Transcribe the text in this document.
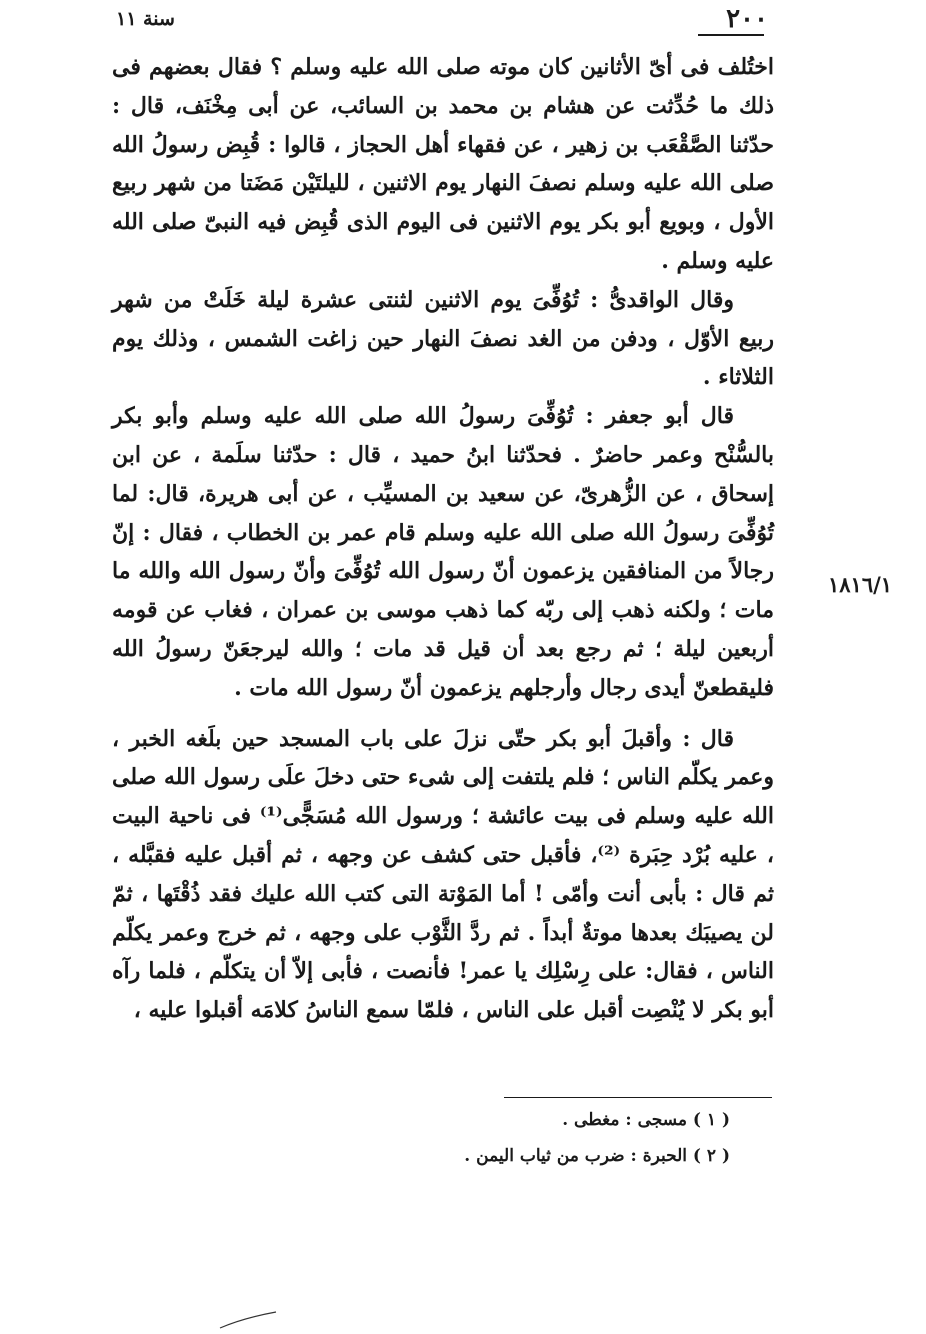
٢٠٠
سنة ١١
١٨١٦/١

اختُلف فى أىّ الأثانين كان موته صلى الله عليه وسلم ؟ فقال بعضهم فى ذلك ما حُدِّثت عن هشام بن محمد بن السائب، عن أبى مِخْنَف، قال : حدّثنا الصَّقْعَب بن زهير ، عن فقهاء أهل الحجاز ، قالوا : قُبِض رسولُ الله صلى الله عليه وسلم نصفَ النهار يوم الاثنين ، لليلتَيْن مَضَتا من شهر ربيع الأول ، وبويع أبو بكر يوم الاثنين فى اليوم الذى قُبِض فيه النبىّ صلى الله عليه وسلم .

وقال الواقدىُّ : تُوُفِّىَ يوم الاثنين لثنتى عشرة ليلة خَلَتْ من شهر ربيع الأوّل ، ودفن من الغد نصفَ النهار حين زاغت الشمس ، وذلك يوم الثلاثاء .

قال أبو جعفر : تُوُفِّىَ رسولُ الله صلى الله عليه وسلم وأبو بكر بالسُّنْح وعمر حاضرٌ . فحدّثنا ابنُ حميد ، قال : حدّثنا سلَمة ، عن ابن إسحاق ، عن الزُّهرىّ، عن سعيد بن المسيِّب ، عن أبى هريرة، قال: لما تُوُفِّىَ رسولُ الله صلى الله عليه وسلم قام عمر بن الخطاب ، فقال : إنّ رجالاً من المنافقين يزعمون أنّ رسول الله تُوُفِّىَ وأنّ رسول الله والله ما مات ؛ ولكنه ذهب إلى ربّه كما ذهب موسى بن عمران ، فغاب عن قومه أربعين ليلة ؛ ثم رجع بعد أن قيل قد مات ؛ والله ليرجعَنّ رسولُ الله فليقطعنّ أيدى رجال وأرجلهم يزعمون أنّ رسول الله مات .

قال : وأقبلَ أبو بكر حتّى نزلَ على باب المسجد حين بلَغه الخبر ، وعمر يكلّم الناس ؛ فلم يلتفت إلى شىء حتى دخلَ علَى رسول الله صلى الله عليه وسلم فى بيت عائشة ؛ ورسول الله مُسَجًّى⁽¹⁾ فى ناحية البيت ، عليه بُرْد حِبَرة ⁽²⁾، فأقبل حتى كشف عن وجهه ، ثم أقبل عليه فقبَّله ، ثم قال : بأبى أنت وأمّى ! أما المَوْتة التى كتب الله عليك فقد ذُقْتَها ، ثمّ لن يصيبَك بعدها موتةٌ أبداً . ثم ردَّ الثَّوْب على وجهه ، ثم خرج وعمر يكلّم الناس ، فقال: على رِسْلِك يا عمر! فأنصت ، فأبى إلاّ أن يتكلّم ، فلما رآه أبو بكر لا يُنْصِت أقبل على الناس ، فلمّا سمع الناسُ كلامَه أقبلوا عليه ،

( ١ ) مسجى : مغطى .

( ٢ ) الحبرة : ضرب من ثياب اليمن .
